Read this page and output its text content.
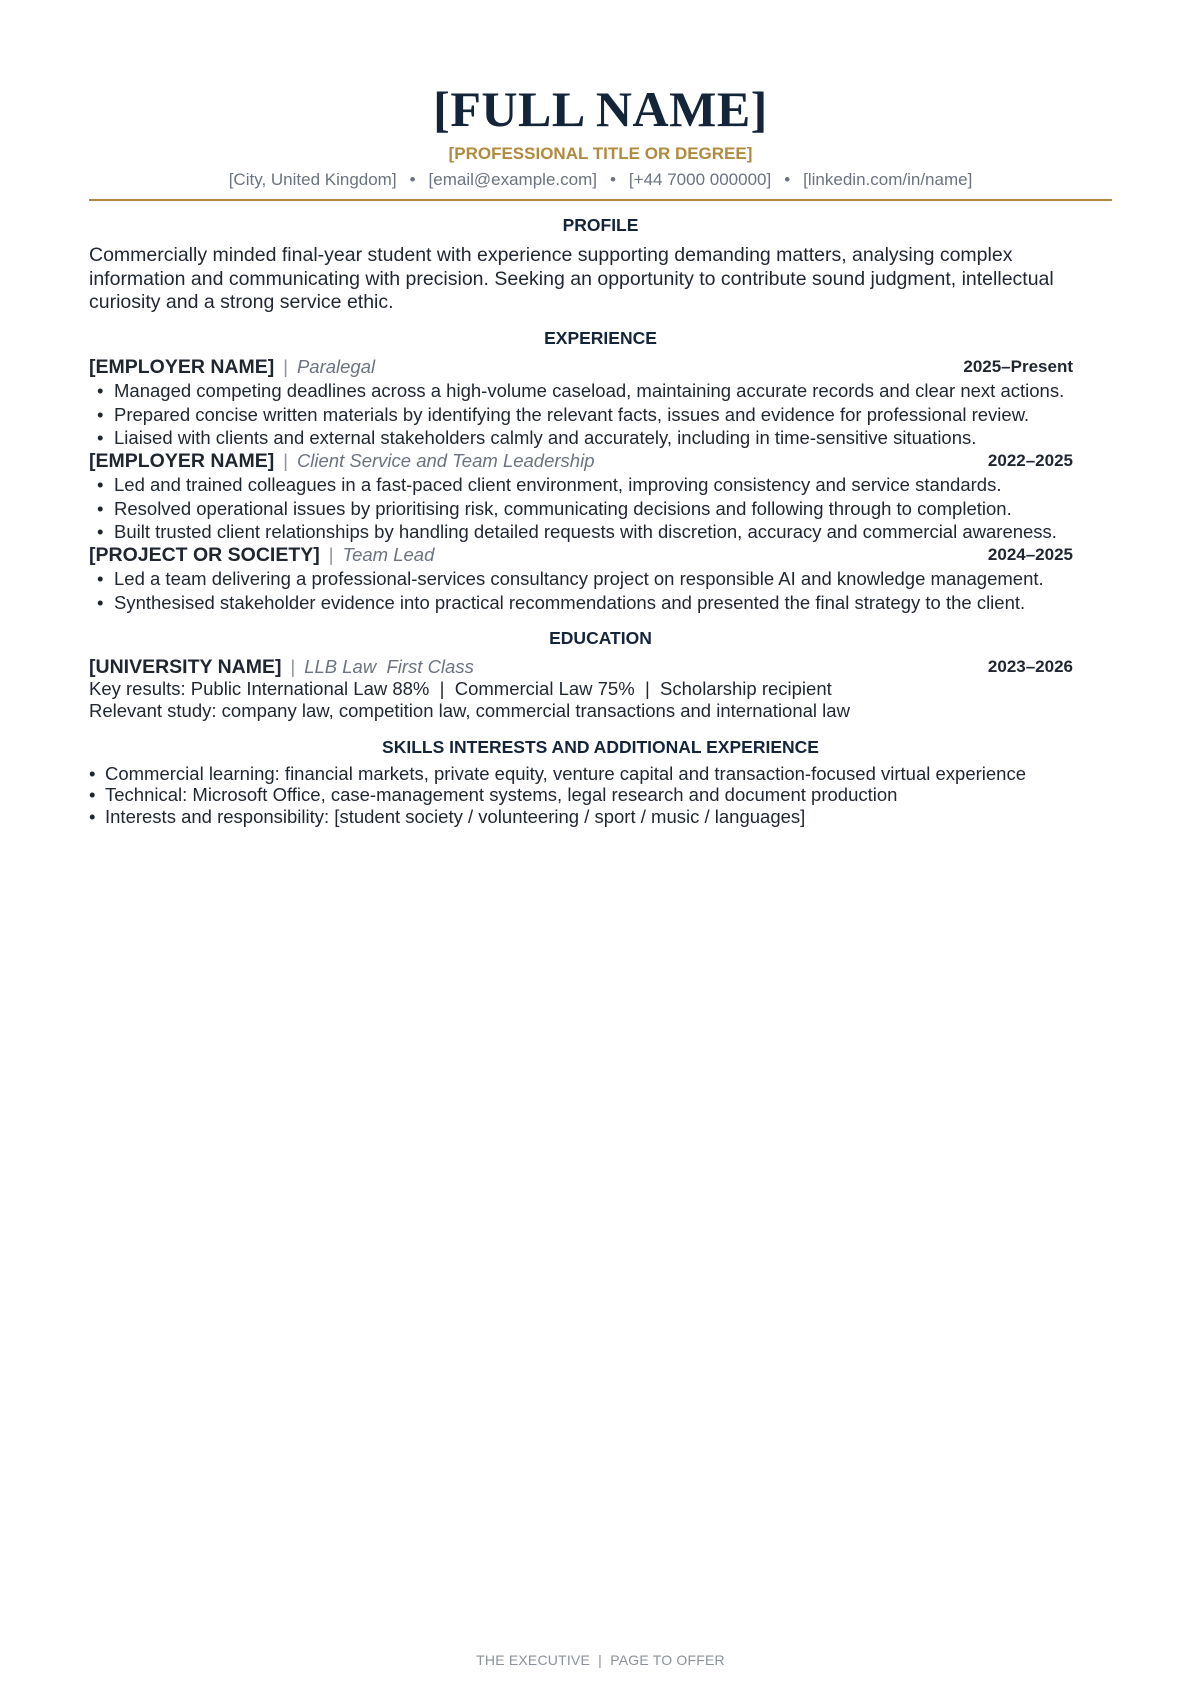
[FULL NAME]
[PROFESSIONAL TITLE OR DEGREE]
[City, United Kingdom] • [email@example.com] • [+44 7000 000000] • [linkedin.com/in/name]
PROFILE
Commercially minded final-year student with experience supporting demanding matters, analysing complex information and communicating with precision. Seeking an opportunity to contribute sound judgment, intellectual curiosity and a strong service ethic.
EXPERIENCE
[EMPLOYER NAME] | Paralegal	2025–Present
• Managed competing deadlines across a high-volume caseload, maintaining accurate records and clear next actions.
• Prepared concise written materials by identifying the relevant facts, issues and evidence for professional review.
• Liaised with clients and external stakeholders calmly and accurately, including in time-sensitive situations.
[EMPLOYER NAME] | Client Service and Team Leadership	2022–2025
• Led and trained colleagues in a fast-paced client environment, improving consistency and service standards.
• Resolved operational issues by prioritising risk, communicating decisions and following through to completion.
• Built trusted client relationships by handling detailed requests with discretion, accuracy and commercial awareness.
[PROJECT OR SOCIETY] | Team Lead	2024–2025
• Led a team delivering a professional-services consultancy project on responsible AI and knowledge management.
• Synthesised stakeholder evidence into practical recommendations and presented the final strategy to the client.
EDUCATION
[UNIVERSITY NAME] | LLB Law  First Class	2023–2026
Key results: Public International Law 88%  |  Commercial Law 75%  |  Scholarship recipient
Relevant study: company law, competition law, commercial transactions and international law
SKILLS INTERESTS AND ADDITIONAL EXPERIENCE
• Commercial learning: financial markets, private equity, venture capital and transaction-focused virtual experience
• Technical: Microsoft Office, case-management systems, legal research and document production
• Interests and responsibility: [student society / volunteering / sport / music / languages]
THE EXECUTIVE  |  PAGE TO OFFER
